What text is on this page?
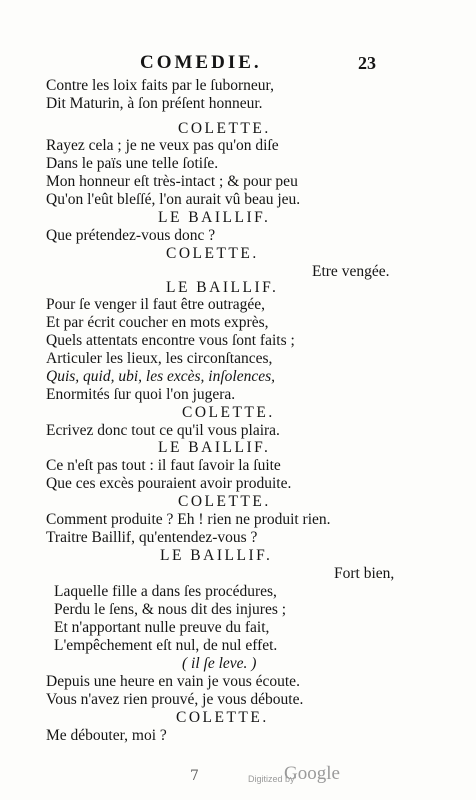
COMEDIE.	23
Contre les loix faits par le ſuborneur,
Dit Maturin, à ſon préſent honneur.
COLETTE.
Rayez cela ; je ne veux pas qu'on diſe
Dans le païs une telle ſotiſe.
Mon honneur eſt très-intact ; & pour peu
Qu'on l'eût bleſſé, l'on aurait vû beau jeu.
LE BAILLIF.
Que prétendez-vous donc ?
COLETTE.
Etre vengée.
LE BAILLIF.
Pour ſe venger il faut être outragée,
Et par écrit coucher en mots exprès,
Quels attentats encontre vous ſont faits ;
Articuler les lieux, les circonſtances,
Quis, quid, ubi, les excès, inſolences,
Enormités ſur quoi l'on jugera.
COLETTE.
Ecrivez donc tout ce qu'il vous plaira.
LE BAILLIF.
Ce n'eſt pas tout : il faut ſavoir la ſuite
Que ces excès pouraient avoir produite.
COLETTE.
Comment produite ? Eh ! rien ne produit rien.
Traitre Baillif, qu'entendez-vous ?
LE BAILLIF.
Fort bien,
Laquelle fille a dans ſes procédures,
Perdu le ſens, & nous dit des injures ;
Et n'apportant nulle preuve du fait,
L'empêchement eſt nul, de nul effet.
( il ſe leve. )
Depuis une heure en vain je vous écoute.
Vous n'avez rien prouvé, je vous déboute.
COLETTE.
Me débouter, moi ?
7	Digitized by
Google
